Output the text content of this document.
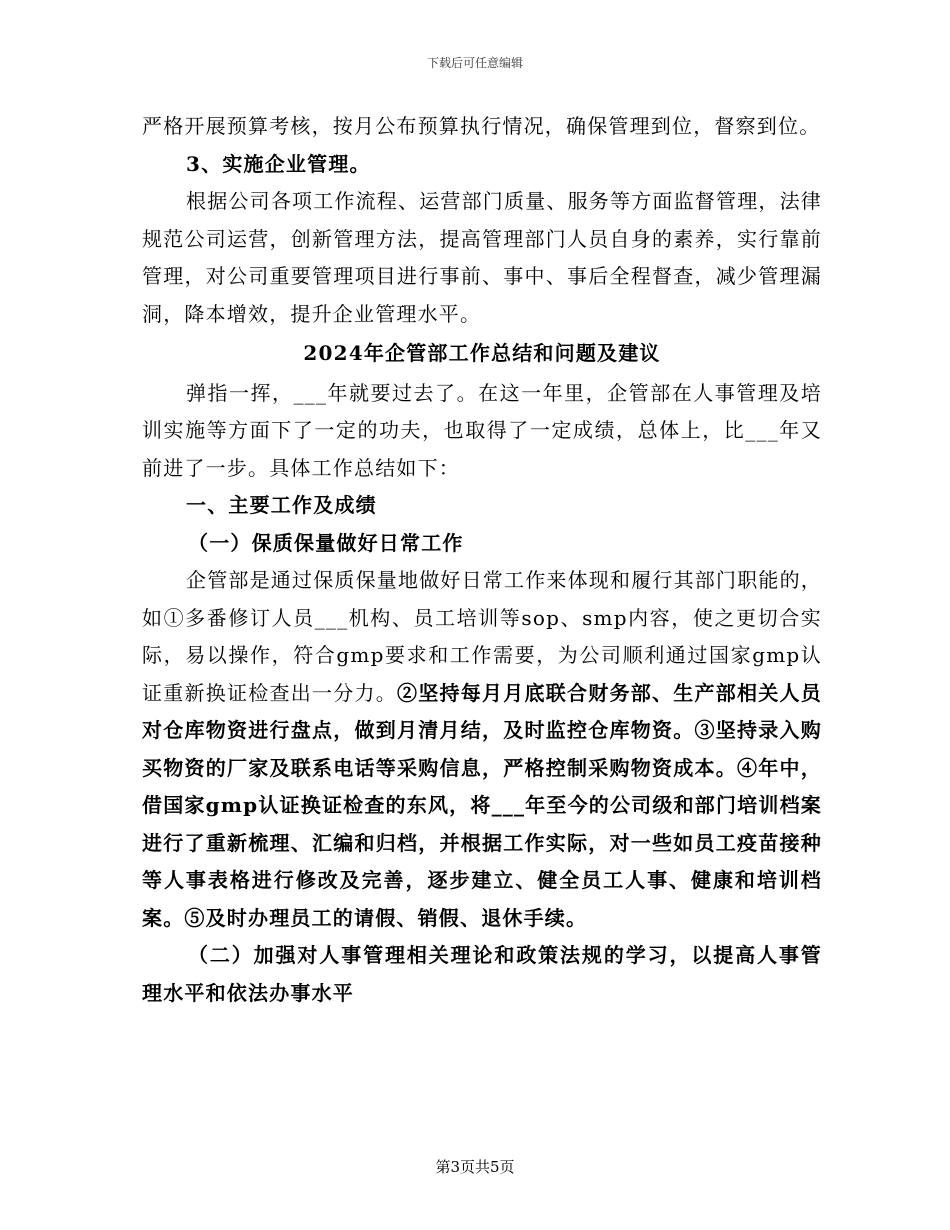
下载后可任意编辑

严格开展预算考核，按月公布预算执行情况，确保管理到位，督察到位。

3、实施企业管理。

根据公司各项工作流程、运营部门质量、服务等方面监督管理，法律规范公司运营，创新管理方法，提高管理部门人员自身的素养，实行靠前管理，对公司重要管理项目进行事前、事中、事后全程督查，减少管理漏洞，降本增效，提升企业管理水平。

2024年企管部工作总结和问题及建议

弹指一挥，___年就要过去了。在这一年里，企管部在人事管理及培训实施等方面下了一定的功夫，也取得了一定成绩，总体上，比___年又前进了一步。具体工作总结如下：

一、主要工作及成绩

（一）保质保量做好日常工作

企管部是通过保质保量地做好日常工作来体现和履行其部门职能的，如①多番修订人员___机构、员工培训等sop、smp内容，使之更切合实际，易以操作，符合gmp要求和工作需要，为公司顺利通过国家gmp认证重新换证检查出一分力。②坚持每月月底联合财务部、生产部相关人员对仓库物资进行盘点，做到月清月结，及时监控仓库物资。③坚持录入购买物资的厂家及联系电话等采购信息，严格控制采购物资成本。④年中，借国家gmp认证换证检查的东风，将___年至今的公司级和部门培训档案进行了重新梳理、汇编和归档，并根据工作实际，对一些如员工疫苗接种等人事表格进行修改及完善，逐步建立、健全员工人事、健康和培训档案。⑤及时办理员工的请假、销假、退休手续。

（二）加强对人事管理相关理论和政策法规的学习，以提高人事管理水平和依法办事水平

第3页共5页
